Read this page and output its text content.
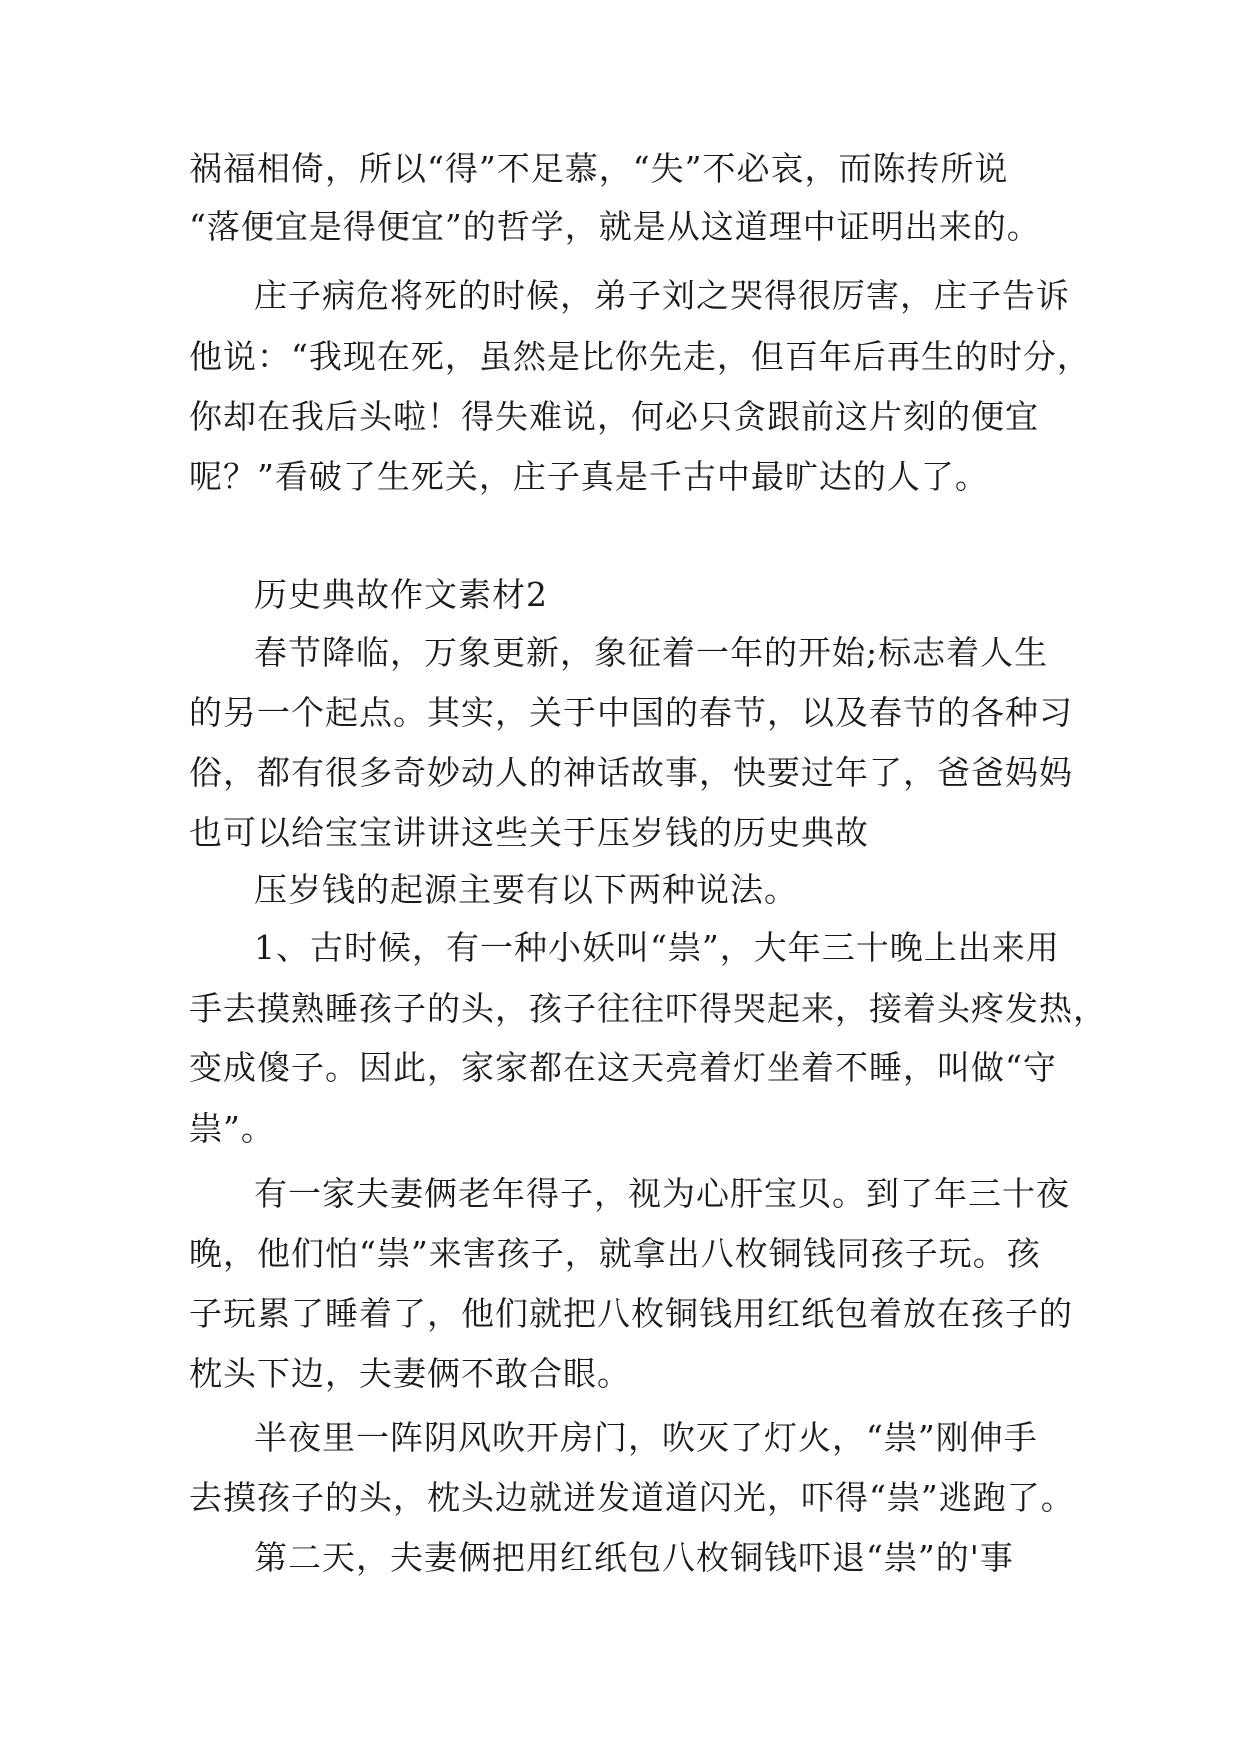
祸福相倚，所以“得”不足慕，“失”不必哀，而陈抟所说
“落便宜是得便宜”的哲学，就是从这道理中证明出来的。
庄子病危将死的时候，弟子刘之哭得很厉害，庄子告诉
他说：“我现在死，虽然是比你先走，但百年后再生的时分，
你却在我后头啦！得失难说，何必只贪跟前这片刻的便宜
呢？”看破了生死关，庄子真是千古中最旷达的人了。
历史典故作文素材2
春节降临，万象更新，象征着一年的开始;标志着人生
的另一个起点。其实，关于中国的春节，以及春节的各种习
俗，都有很多奇妙动人的神话故事，快要过年了，爸爸妈妈
也可以给宝宝讲讲这些关于压岁钱的历史典故
压岁钱的起源主要有以下两种说法。
1、古时候，有一种小妖叫“祟”，大年三十晚上出来用
手去摸熟睡孩子的头，孩子往往吓得哭起来，接着头疼发热，
变成傻子。因此，家家都在这天亮着灯坐着不睡，叫做“守
祟”。
有一家夫妻俩老年得子，视为心肝宝贝。到了年三十夜
晚，他们怕“祟”来害孩子，就拿出八枚铜钱同孩子玩。孩
子玩累了睡着了，他们就把八枚铜钱用红纸包着放在孩子的
枕头下边，夫妻俩不敢合眼。
半夜里一阵阴风吹开房门，吹灭了灯火，“祟”刚伸手
去摸孩子的头，枕头边就迸发道道闪光，吓得“祟”逃跑了。
第二天，夫妻俩把用红纸包八枚铜钱吓退“祟”的'事
